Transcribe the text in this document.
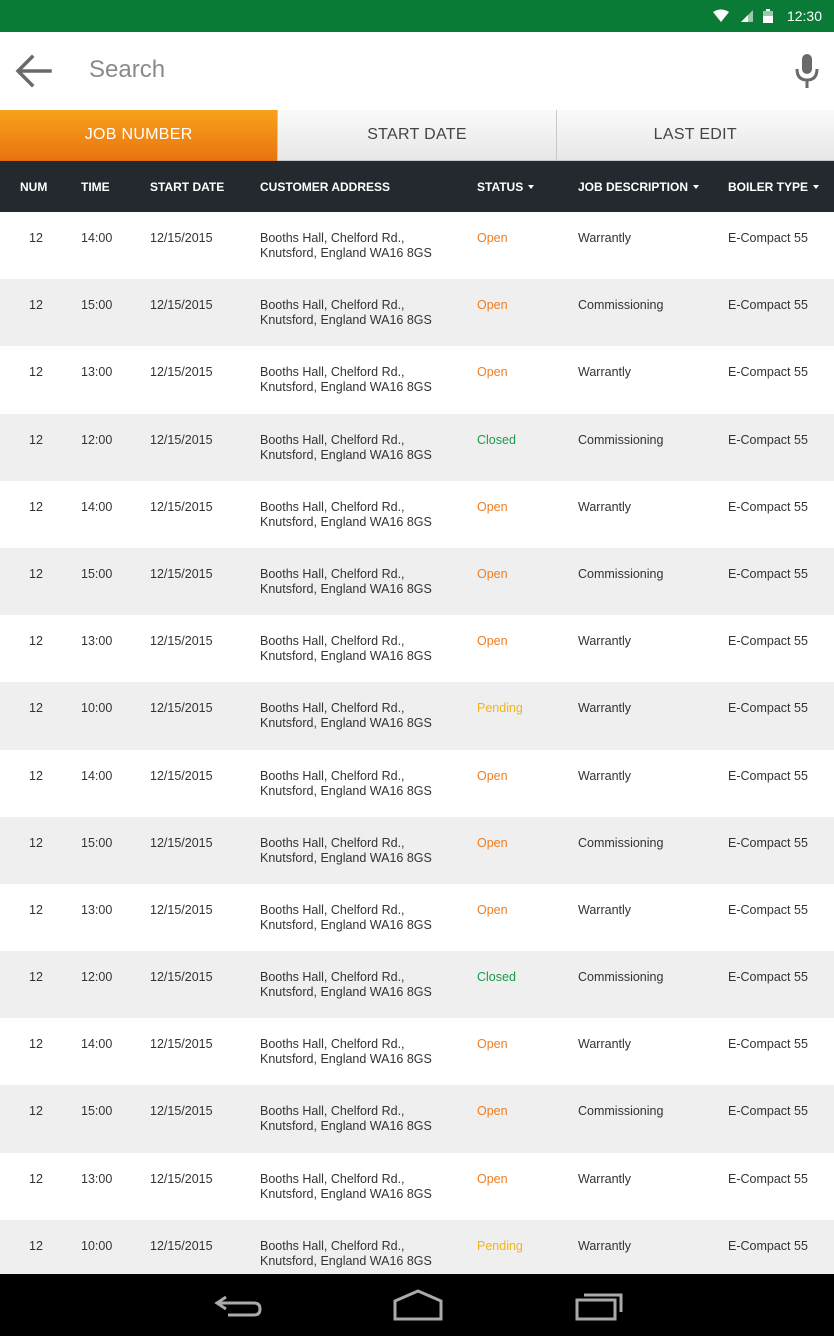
12:30
Search
JOB NUMBER	START DATE	LAST EDIT
NUM	TIME	START DATE	CUSTOMER ADDRESS	STATUS	JOB DESCRIPTION	BOILER TYPE
12	14:00	12/15/2015	Booths Hall, Chelford Rd.,
Knutsford, England WA16 8GS
Open	Warrantly	E-Compact 55
12	15:00	12/15/2015	Booths Hall, Chelford Rd.,
Knutsford, England WA16 8GS
Open	Commissioning	E-Compact 55
12	13:00	12/15/2015	Booths Hall, Chelford Rd.,
Knutsford, England WA16 8GS
Open	Warrantly	E-Compact 55
12	12:00	12/15/2015	Booths Hall, Chelford Rd.,
Knutsford, England WA16 8GS
Closed	Commissioning	E-Compact 55
12	14:00	12/15/2015	Booths Hall, Chelford Rd.,
Knutsford, England WA16 8GS
Open	Warrantly	E-Compact 55
12	15:00	12/15/2015	Booths Hall, Chelford Rd.,
Knutsford, England WA16 8GS
Open	Commissioning	E-Compact 55
12	13:00	12/15/2015	Booths Hall, Chelford Rd.,
Knutsford, England WA16 8GS
Open	Warrantly	E-Compact 55
12	10:00	12/15/2015	Booths Hall, Chelford Rd.,
Knutsford, England WA16 8GS
Pending	Warrantly	E-Compact 55
12	14:00	12/15/2015	Booths Hall, Chelford Rd.,
Knutsford, England WA16 8GS
Open	Warrantly	E-Compact 55
12	15:00	12/15/2015	Booths Hall, Chelford Rd.,
Knutsford, England WA16 8GS
Open	Commissioning	E-Compact 55
12	13:00	12/15/2015	Booths Hall, Chelford Rd.,
Knutsford, England WA16 8GS
Open	Warrantly	E-Compact 55
12	12:00	12/15/2015	Booths Hall, Chelford Rd.,
Knutsford, England WA16 8GS
Closed	Commissioning	E-Compact 55
12	14:00	12/15/2015	Booths Hall, Chelford Rd.,
Knutsford, England WA16 8GS
Open	Warrantly	E-Compact 55
12	15:00	12/15/2015	Booths Hall, Chelford Rd.,
Knutsford, England WA16 8GS
Open	Commissioning	E-Compact 55
12	13:00	12/15/2015	Booths Hall, Chelford Rd.,
Knutsford, England WA16 8GS
Open	Warrantly	E-Compact 55
12	10:00	12/15/2015	Booths Hall, Chelford Rd.,
Knutsford, England WA16 8GS
Pending	Warrantly	E-Compact 55
